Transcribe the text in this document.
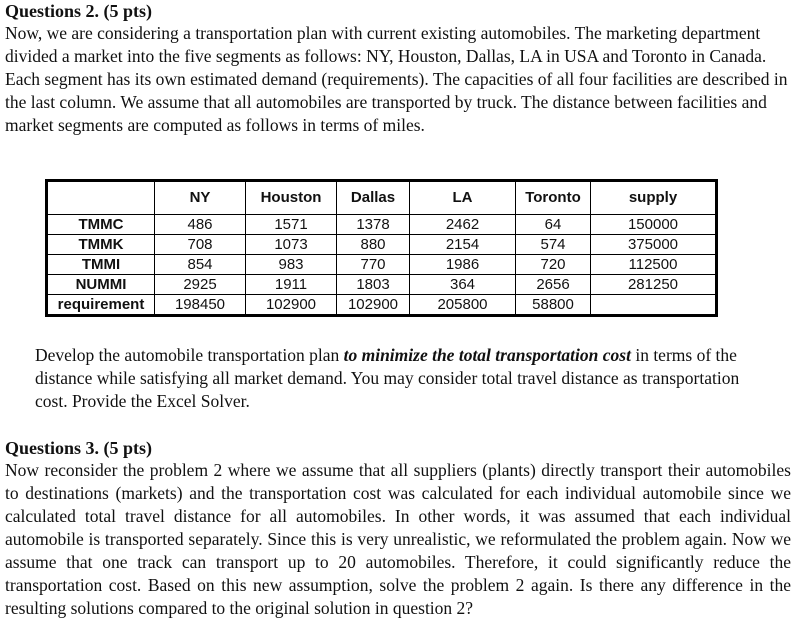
Questions 2. (5 pts)

Now, we are considering a transportation plan with current existing automobiles. The marketing department divided a market into the five segments as follows: NY, Houston, Dallas, LA in USA and Toronto in Canada. Each segment has its own estimated demand (requirements). The capacities of all four facilities are described in the last column. We assume that all automobiles are transported by truck. The distance between facilities and market segments are computed as follows in terms of miles.

	NY	Houston	Dallas	LA	Toronto	supply
TMMC	486	1571	1378	2462	64	150000
TMMK	708	1073	880	2154	574	375000
TMMI	854	983	770	1986	720	112500
NUMMI	2925	1911	1803	364	2656	281250
requirement	198450	102900	102900	205800	58800	

Develop the automobile transportation plan to minimize the total transportation cost in terms of the distance while satisfying all market demand. You may consider total travel distance as transportation cost. Provide the Excel Solver.

Questions 3. (5 pts)

Now reconsider the problem 2 where we assume that all suppliers (plants) directly transport their automobiles to destinations (markets) and the transportation cost was calculated for each individual automobile since we calculated total travel distance for all automobiles. In other words, it was assumed that each individual automobile is transported separately. Since this is very unrealistic, we reformulated the problem again. Now we assume that one track can transport up to 20 automobiles. Therefore, it could significantly reduce the transportation cost. Based on this new assumption, solve the problem 2 again. Is there any difference in the resulting solutions compared to the original solution in question 2?
